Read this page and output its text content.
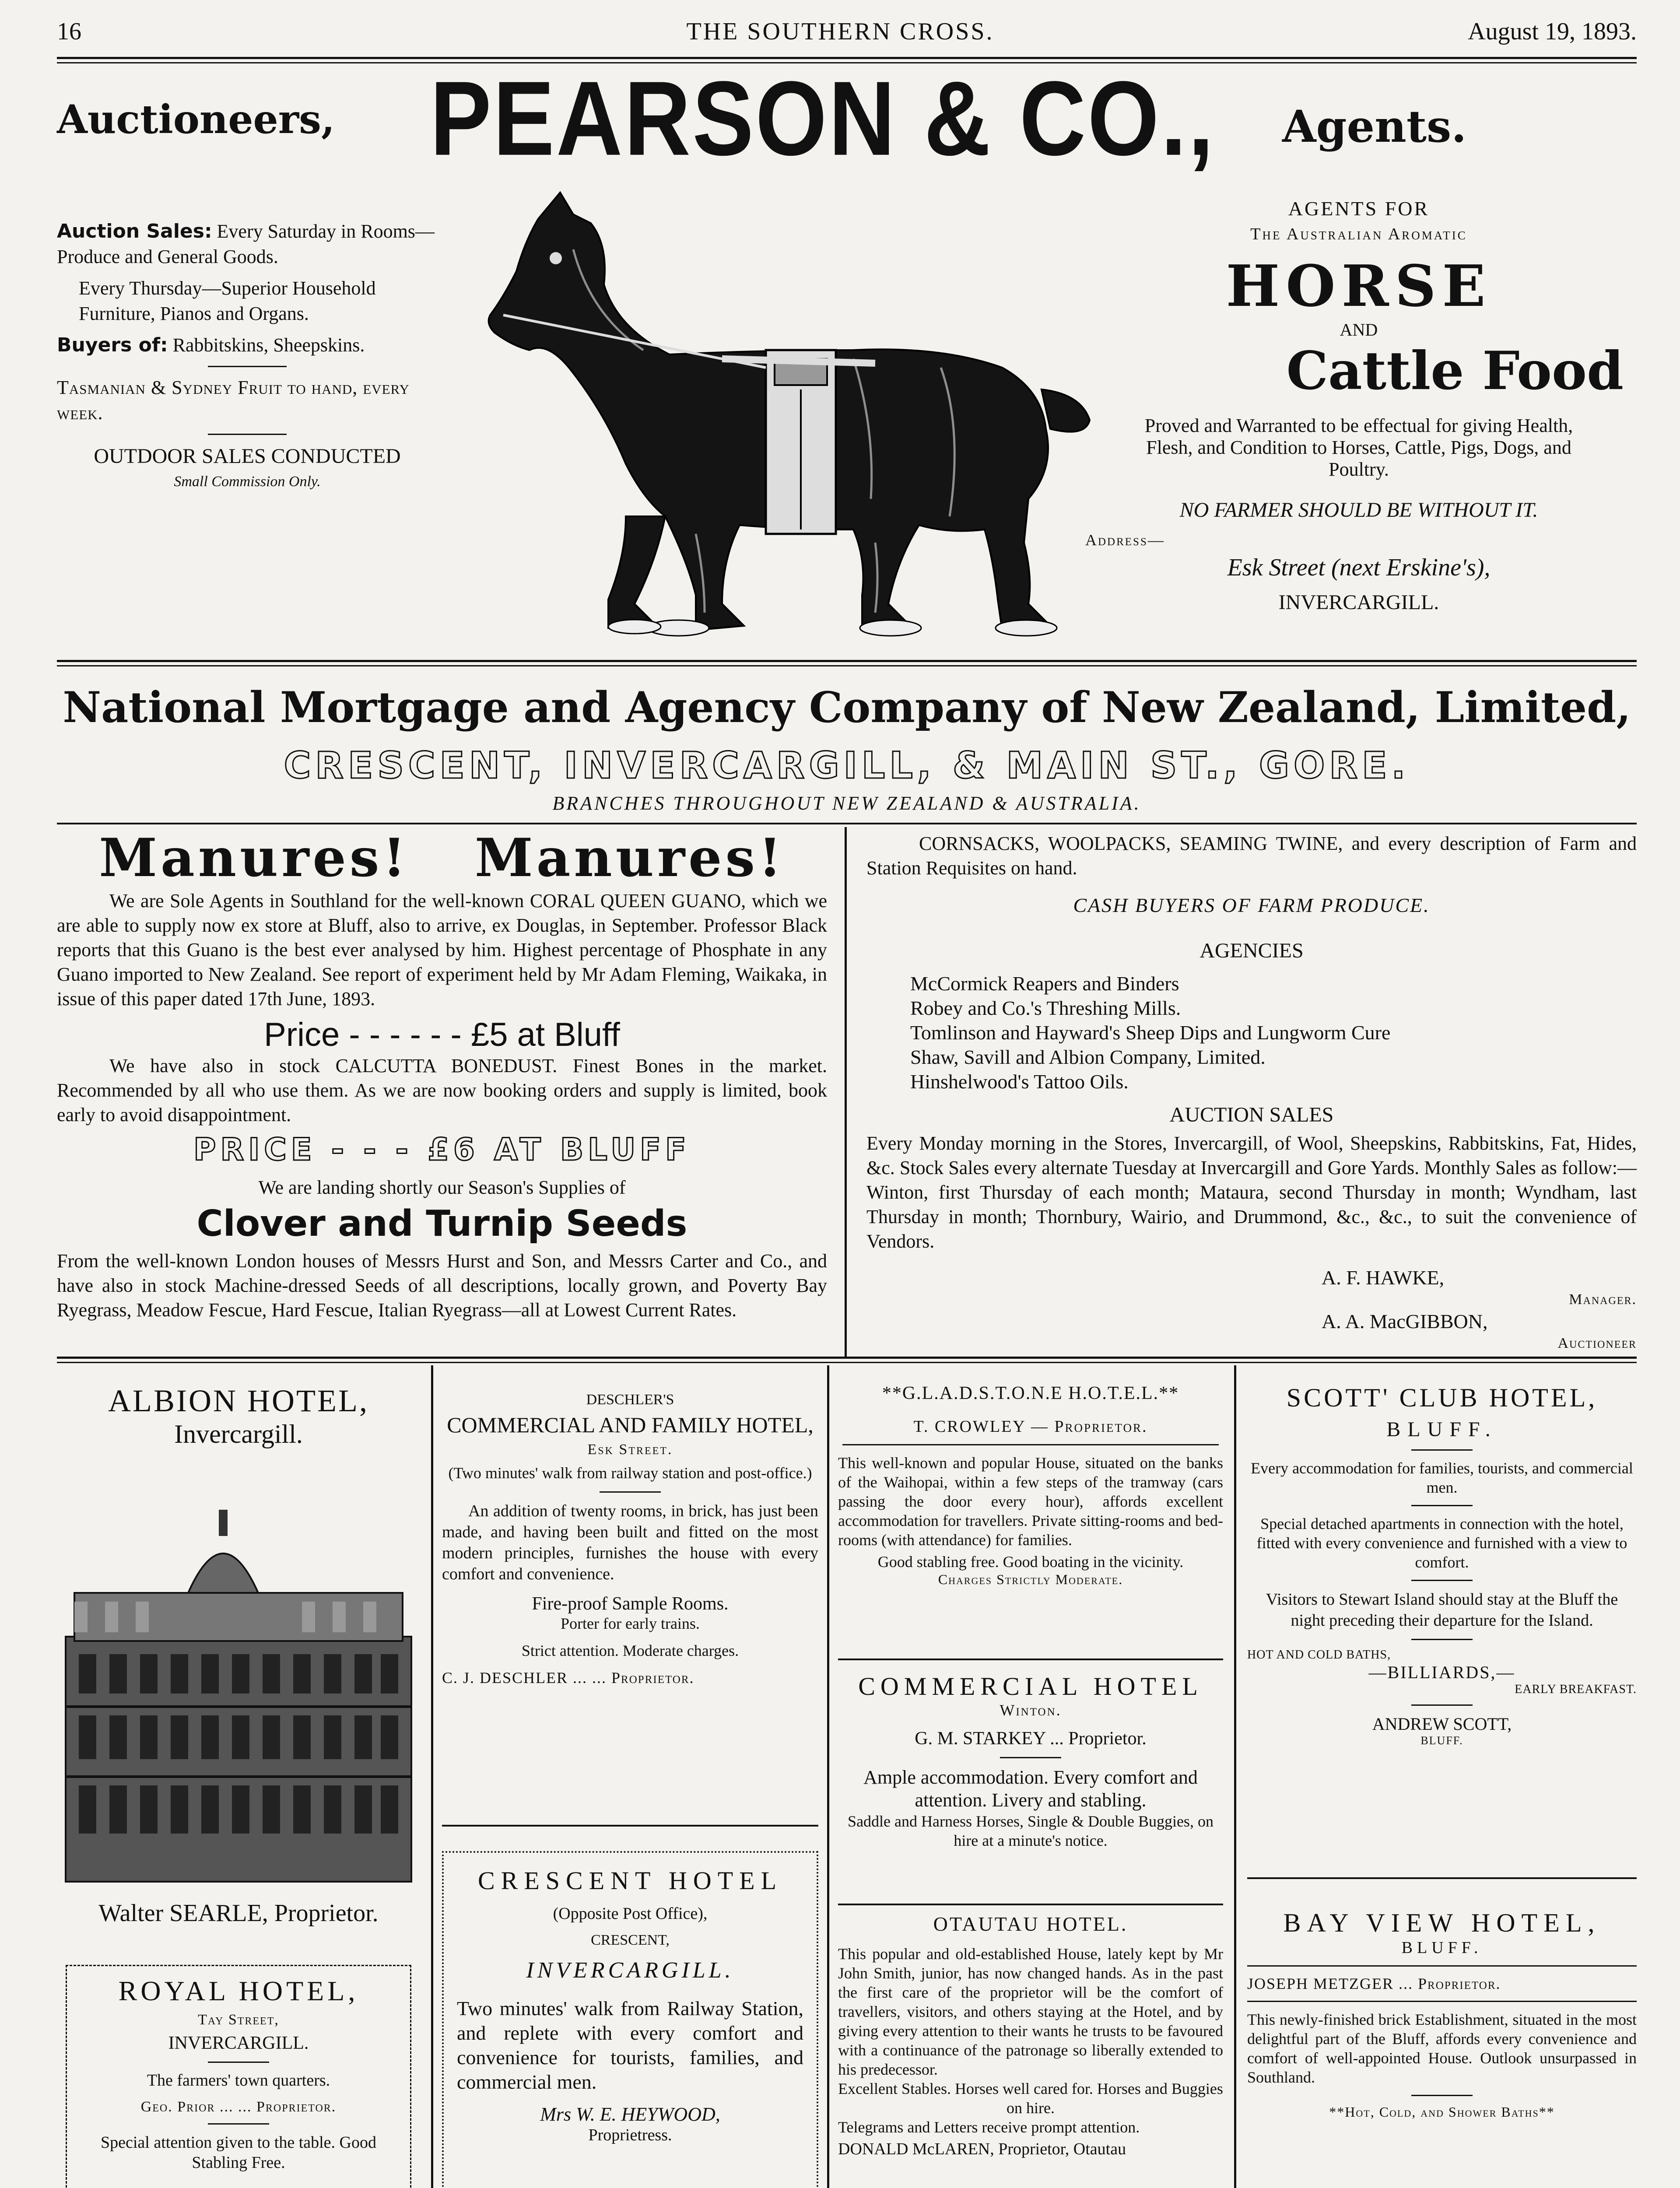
16	THE SOUTHERN CROSS.	August 19, 1893.
Auctioneers, PEARSON & CO., Agents.
Auction Sales: Every Saturday in Rooms—Produce and General Goods.
Every Thursday—Superior Household Furniture, Pianos and Organs.
Buyers of: Rabbitskins, Sheepskins.
Tasmanian & Sydney Fruit to hand, every week.
OUTDOOR SALES CONDUCTED
Small Commission Only.
AGENTS FOR
The Australian Aromatic
HORSE
AND
Cattle Food
Proved and Warranted to be effectual for giving Health, Flesh, and Condition to Horses, Cattle, Pigs, Dogs, and Poultry.
NO FARMER SHOULD BE WITHOUT IT.
Address—
Esk Street (next Erskine's),
INVERCARGILL.
National Mortgage and Agency Company of New Zealand, Limited,
CRESCENT, INVERCARGILL, & MAIN ST., GORE.
BRANCHES THROUGHOUT NEW ZEALAND & AUSTRALIA.
Manures! Manures!
We are Sole Agents in Southland for the well-known CORAL QUEEN GUANO, which we are able to supply now ex store at Bluff, also to arrive, ex Douglas, in September. Professor Black reports that this Guano is the best ever analysed by him. Highest percentage of Phosphate in any Guano imported to New Zealand. See report of experiment held by Mr Adam Fleming, Waikaka, in issue of this paper dated 17th June, 1893.
Price - - - - - - £5 at Bluff
We have also in stock CALCUTTA BONEDUST. Finest Bones in the market. Recommended by all who use them. As we are now booking orders and supply is limited, book early to avoid disappointment.
PRICE - - - £6 AT BLUFF
We are landing shortly our Season's Supplies of
Clover and Turnip Seeds
From the well-known London houses of Messrs Hurst and Son, and Messrs Carter and Co., and have also in stock Machine-dressed Seeds of all descriptions, locally grown, and Poverty Bay Ryegrass, Meadow Fescue, Hard Fescue, Italian Ryegrass—all at Lowest Current Rates.
CORNSACKS, WOOLPACKS, SEAMING TWINE, and every description of Farm and Station Requisites on hand.
CASH BUYERS OF FARM PRODUCE.
AGENCIES
McCormick Reapers and Binders
Robey and Co.'s Threshing Mills.
Tomlinson and Hayward's Sheep Dips and Lungworm Cure
Shaw, Savill and Albion Company, Limited.
Hinshelwood's Tattoo Oils.
AUCTION SALES
Every Monday morning in the Stores, Invercargill, of Wool, Sheepskins, Rabbitskins, Fat, Hides, &c. Stock Sales every alternate Tuesday at Invercargill and Gore Yards. Monthly Sales as follow:—Winton, first Thursday of each month; Mataura, second Thursday in month; Wyndham, last Thursday in month; Thornbury, Wairio, and Drummond, &c., &c., to suit the convenience of Vendors.
A. F. HAWKE,
Manager.
A. A. MacGIBBON,
Auctioneer
ALBION HOTEL,
Invercargill.
Walter SEARLE, Proprietor.
ROYAL HOTEL,
Tay Street,
INVERCARGILL.
The farmers' town quarters.
Geo. Prior ... ... Proprietor.
Special attention given to the table. Good Stabling Free.
DESCHLER'S
COMMERCIAL AND FAMILY HOTEL,
Esk Street.
(Two minutes' walk from railway station and post-office.)
An addition of twenty rooms, in brick, has just been made, and having been built and fitted on the most modern principles, furnishes the house with every comfort and convenience.
Fire-proof Sample Rooms.
Porter for early trains.
Strict attention. Moderate charges.
C. J. DESCHLER ... ... Proprietor.
CRESCENT HOTEL
(Opposite Post Office),
CRESCENT,
INVERCARGILL.
Two minutes' walk from Railway Station, and replete with every comfort and convenience for tourists, families, and commercial men.
Mrs W. E. HEYWOOD,
Proprietress.
**G.L.A.D.S.T.O.N.E H.O.T.E.L.**
T. CROWLEY — Proprietor.
This well-known and popular House, situated on the banks of the Waihopai, within a few steps of the tramway (cars passing the door every hour), affords excellent accommodation for travellers. Private sitting-rooms and bed-rooms (with attendance) for families.
Good stabling free. Good boating in the vicinity.
Charges Strictly Moderate.
COMMERCIAL HOTEL
Winton.
G. M. STARKEY ... Proprietor.
Ample accommodation. Every comfort and attention. Livery and stabling.
Saddle and Harness Horses, Single & Double Buggies, on hire at a minute's notice.
OTAUTAU HOTEL.
This popular and old-established House, lately kept by Mr John Smith, junior, has now changed hands. As in the past the first care of the proprietor will be the comfort of travellers, visitors, and others staying at the Hotel, and by giving every attention to their wants he trusts to be favoured with a continuance of the patronage so liberally extended to his predecessor.
Excellent Stables. Horses well cared for. Horses and Buggies on hire.
Telegrams and Letters receive prompt attention.
DONALD McLAREN, Proprietor, Otautau
SCOTT' CLUB HOTEL,
BLUFF.
Every accommodation for families, tourists, and commercial men.
Special detached apartments in connection with the hotel, fitted with every convenience and furnished with a view to comfort.
Visitors to Stewart Island should stay at the Bluff the night preceding their departure for the Island.
HOT AND COLD BATHS,
—BILLIARDS,—
EARLY BREAKFAST.
ANDREW SCOTT,
BLUFF.
BAY VIEW HOTEL,
BLUFF.
JOSEPH METZGER ... Proprietor.
This newly-finished brick Establishment, situated in the most delightful part of the Bluff, affords every convenience and comfort of well-appointed House. Outlook unsurpassed in Southland.
**Hot, Cold, and Shower Baths**
